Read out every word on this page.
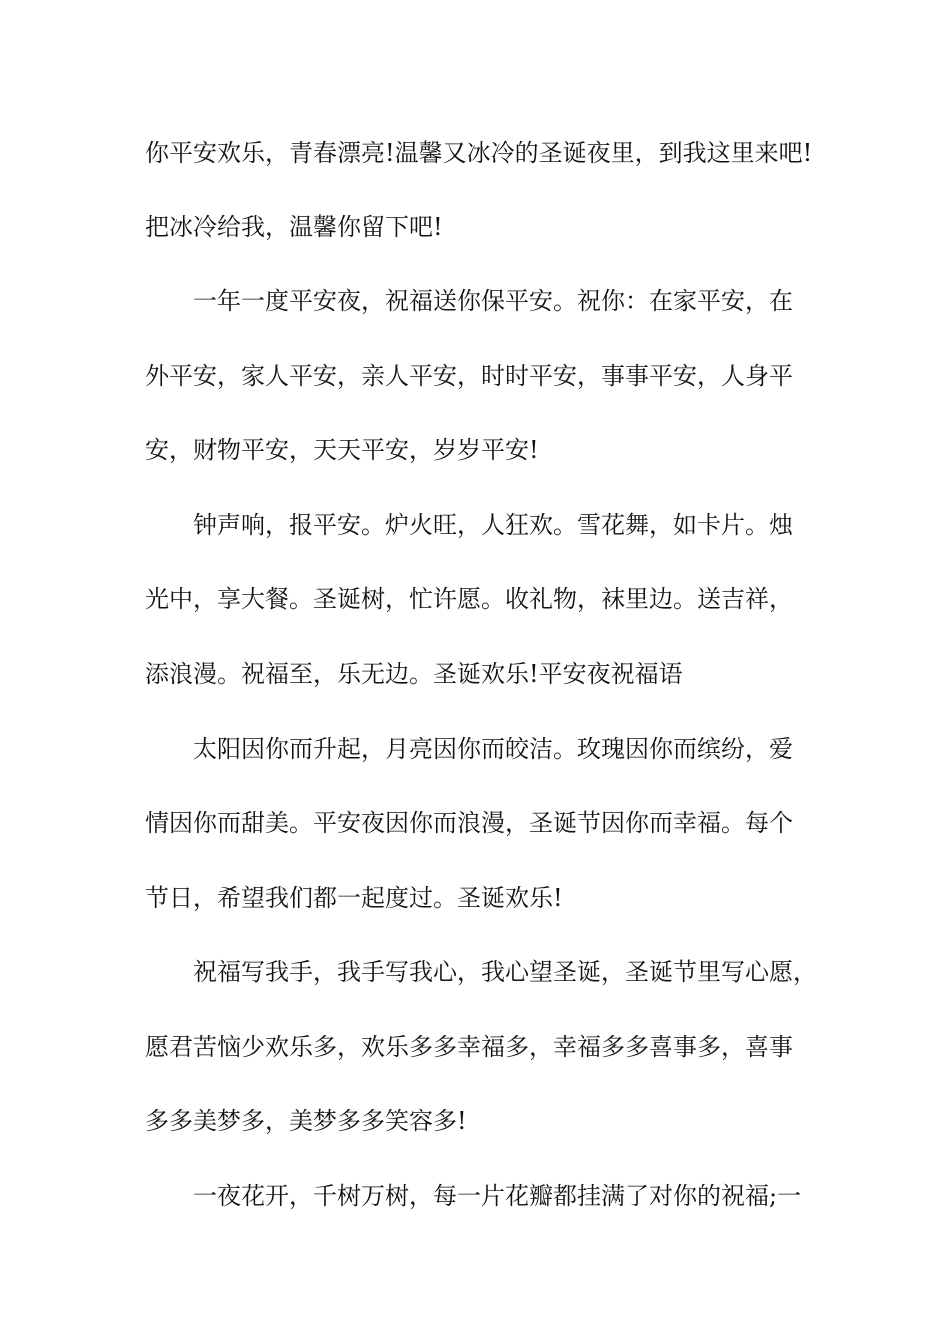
你平安欢乐，青春漂亮!温馨又冰冷的圣诞夜里，到我这里来吧!
把冰冷给我，温馨你留下吧!
一年一度平安夜，祝福送你保平安。祝你：在家平安，在
外平安，家人平安，亲人平安，时时平安，事事平安，人身平
安，财物平安，天天平安，岁岁平安!
钟声响，报平安。炉火旺，人狂欢。雪花舞，如卡片。烛
光中，享大餐。圣诞树，忙许愿。收礼物，袜里边。送吉祥，
添浪漫。祝福至，乐无边。圣诞欢乐!平安夜祝福语
太阳因你而升起，月亮因你而皎洁。玫瑰因你而缤纷，爱
情因你而甜美。平安夜因你而浪漫，圣诞节因你而幸福。每个
节日，希望我们都一起度过。圣诞欢乐!
祝福写我手，我手写我心，我心望圣诞，圣诞节里写心愿，
愿君苦恼少欢乐多，欢乐多多幸福多，幸福多多喜事多，喜事
多多美梦多，美梦多多笑容多!
一夜花开，千树万树，每一片花瓣都挂满了对你的祝福;一
